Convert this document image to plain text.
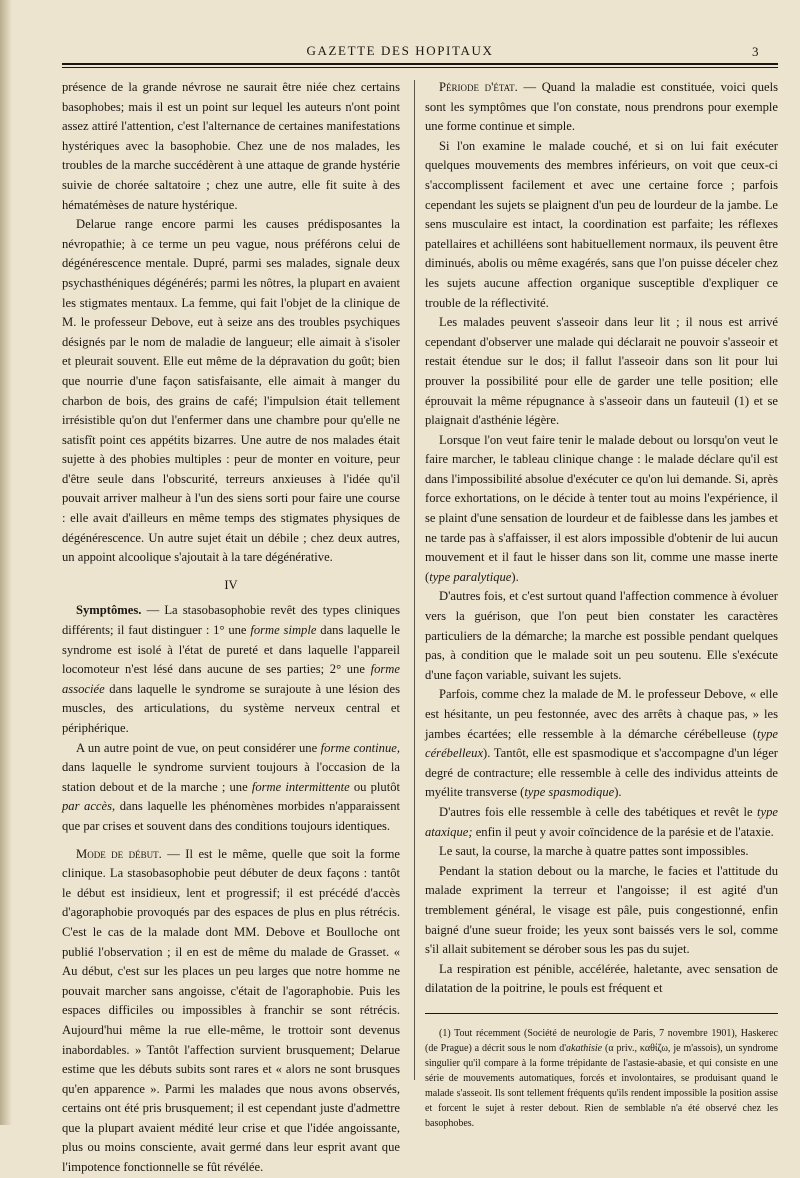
GAZETTE DES HOPITAUX	3

présence de la grande névrose ne saurait être niée chez certains basophobes; mais il est un point sur lequel les auteurs n'ont point assez attiré l'attention, c'est l'alternance de certaines manifestations hystériques avec la basophobie. Chez une de nos malades, les troubles de la marche succédèrent à une attaque de grande hystérie suivie de chorée saltatoire ; chez une autre, elle fit suite à des hématémèses de nature hystérique.

Delarue range encore parmi les causes prédisposantes la névropathie; à ce terme un peu vague, nous préférons celui de dégénérescence mentale. Dupré, parmi ses malades, signale deux psychasthéniques dégénérés; parmi les nôtres, la plupart en avaient les stigmates mentaux. La femme, qui fait l'objet de la clinique de M. le professeur Debove, eut à seize ans des troubles psychiques désignés par le nom de maladie de langueur; elle aimait à s'isoler et pleurait souvent. Elle eut même de la dépravation du goût; bien que nourrie d'une façon satisfaisante, elle aimait à manger du charbon de bois, des grains de café; l'impulsion était tellement irrésistible qu'on dut l'enfermer dans une chambre pour qu'elle ne satisfît point ces appétits bizarres. Une autre de nos malades était sujette à des phobies multiples : peur de monter en voiture, peur d'être seule dans l'obscurité, terreurs anxieuses à l'idée qu'il pouvait arriver malheur à l'un des siens sorti pour faire une course : elle avait d'ailleurs en même temps des stigmates physiques de dégénérescence. Un autre sujet était un débile ; chez deux autres, un appoint alcoolique s'ajoutait à la tare dégénérative.

IV

Symptômes. — La stasobasophobie revêt des types cliniques différents; il faut distinguer : 1° une forme simple dans laquelle le syndrome est isolé à l'état de pureté et dans laquelle l'appareil locomoteur n'est lésé dans aucune de ses parties; 2° une forme associée dans laquelle le syndrome se surajoute à une lésion des muscles, des articulations, du système nerveux central et périphérique.

A un autre point de vue, on peut considérer une forme continue, dans laquelle le syndrome survient toujours à l'occasion de la station debout et de la marche ; une forme intermittente ou plutôt par accès, dans laquelle les phénomènes morbides n'apparaissent que par crises et souvent dans des conditions toujours identiques.

Mode de début. — Il est le même, quelle que soit la forme clinique. La stasobasophobie peut débuter de deux façons : tantôt le début est insidieux, lent et progressif; il est précédé d'accès d'agoraphobie provoqués par des espaces de plus en plus rétrécis. C'est le cas de la malade dont MM. Debove et Boulloche ont publié l'observation ; il en est de même du malade de Grasset. « Au début, c'est sur les places un peu larges que notre homme ne pouvait marcher sans angoisse, c'était de l'agoraphobie. Puis les espaces difficiles ou impossibles à franchir se sont rétrécis. Aujourd'hui même la rue elle-même, le trottoir sont devenus inabordables. » Tantôt l'affection survient brusquement; Delarue estime que les débuts subits sont rares et « alors ne sont brusques qu'en apparence ». Parmi les malades que nous avons observés, certains ont été pris brusquement; il est cependant juste d'admettre que la plupart avaient médité leur crise et que l'idée angoissante, plus ou moins consciente, avait germé dans leur esprit avant que l'impotence fonctionnelle se fût révélée.

Période d'état. — Quand la maladie est constituée, voici quels sont les symptômes que l'on constate, nous prendrons pour exemple une forme continue et simple.

Si l'on examine le malade couché, et si on lui fait exécuter quelques mouvements des membres inférieurs, on voit que ceux-ci s'accomplissent facilement et avec une certaine force ; parfois cependant les sujets se plaignent d'un peu de lourdeur de la jambe. Le sens musculaire est intact, la coordination est parfaite; les réflexes patellaires et achilléens sont habituellement normaux, ils peuvent être diminués, abolis ou même exagérés, sans que l'on puisse déceler chez les sujets aucune affection organique susceptible d'expliquer ce trouble de la réflectivité.

Les malades peuvent s'asseoir dans leur lit ; il nous est arrivé cependant d'observer une malade qui déclarait ne pouvoir s'asseoir et restait étendue sur le dos; il fallut l'asseoir dans son lit pour lui prouver la possibilité pour elle de garder une telle position; elle éprouvait la même répugnance à s'asseoir dans un fauteuil (1) et se plaignait d'asthénie légère.

Lorsque l'on veut faire tenir le malade debout ou lorsqu'on veut le faire marcher, le tableau clinique change : le malade déclare qu'il est dans l'impossibilité absolue d'exécuter ce qu'on lui demande. Si, après force exhortations, on le décide à tenter tout au moins l'expérience, il se plaint d'une sensation de lourdeur et de faiblesse dans les jambes et ne tarde pas à s'affaisser, il est alors impossible d'obtenir de lui aucun mouvement et il faut le hisser dans son lit, comme une masse inerte (type paralytique).

D'autres fois, et c'est surtout quand l'affection commence à évoluer vers la guérison, que l'on peut bien constater les caractères particuliers de la démarche; la marche est possible pendant quelques pas, à condition que le malade soit un peu soutenu. Elle s'exécute d'une façon variable, suivant les sujets.

Parfois, comme chez la malade de M. le professeur Debove, « elle est hésitante, un peu festonnée, avec des arrêts à chaque pas, » les jambes écartées; elle ressemble à la démarche cérébelleuse (type cérébelleux). Tantôt, elle est spasmodique et s'accompagne d'un léger degré de contracture; elle ressemble à celle des individus atteints de myélite transverse (type spasmodique).

D'autres fois elle ressemble à celle des tabétiques et revêt le type ataxique; enfin il peut y avoir coïncidence de la parésie et de l'ataxie.

Le saut, la course, la marche à quatre pattes sont impossibles.

Pendant la station debout ou la marche, le facies et l'attitude du malade expriment la terreur et l'angoisse; il est agité d'un tremblement général, le visage est pâle, puis congestionné, enfin baigné d'une sueur froide; les yeux sont baissés vers le sol, comme s'il allait subitement se dérober sous les pas du sujet.

La respiration est pénible, accélérée, haletante, avec sensation de dilatation de la poitrine, le pouls est fréquent et

(1) Tout récemment (Société de neurologie de Paris, 7 novembre 1901), Haskerec (de Prague) a décrit sous le nom d'akathisie (α priv., καθίζω, je m'assois), un syndrome singulier qu'il compare à la forme trépidante de l'astasie-abasie, et qui consiste en une série de mouvements automatiques, forcés et involontaires, se produisant quand le malade s'asseoit. Ils sont tellement fréquents qu'ils rendent impossible la position assise et forcent le sujet à rester debout. Rien de semblable n'a été observé chez les basophobes.
